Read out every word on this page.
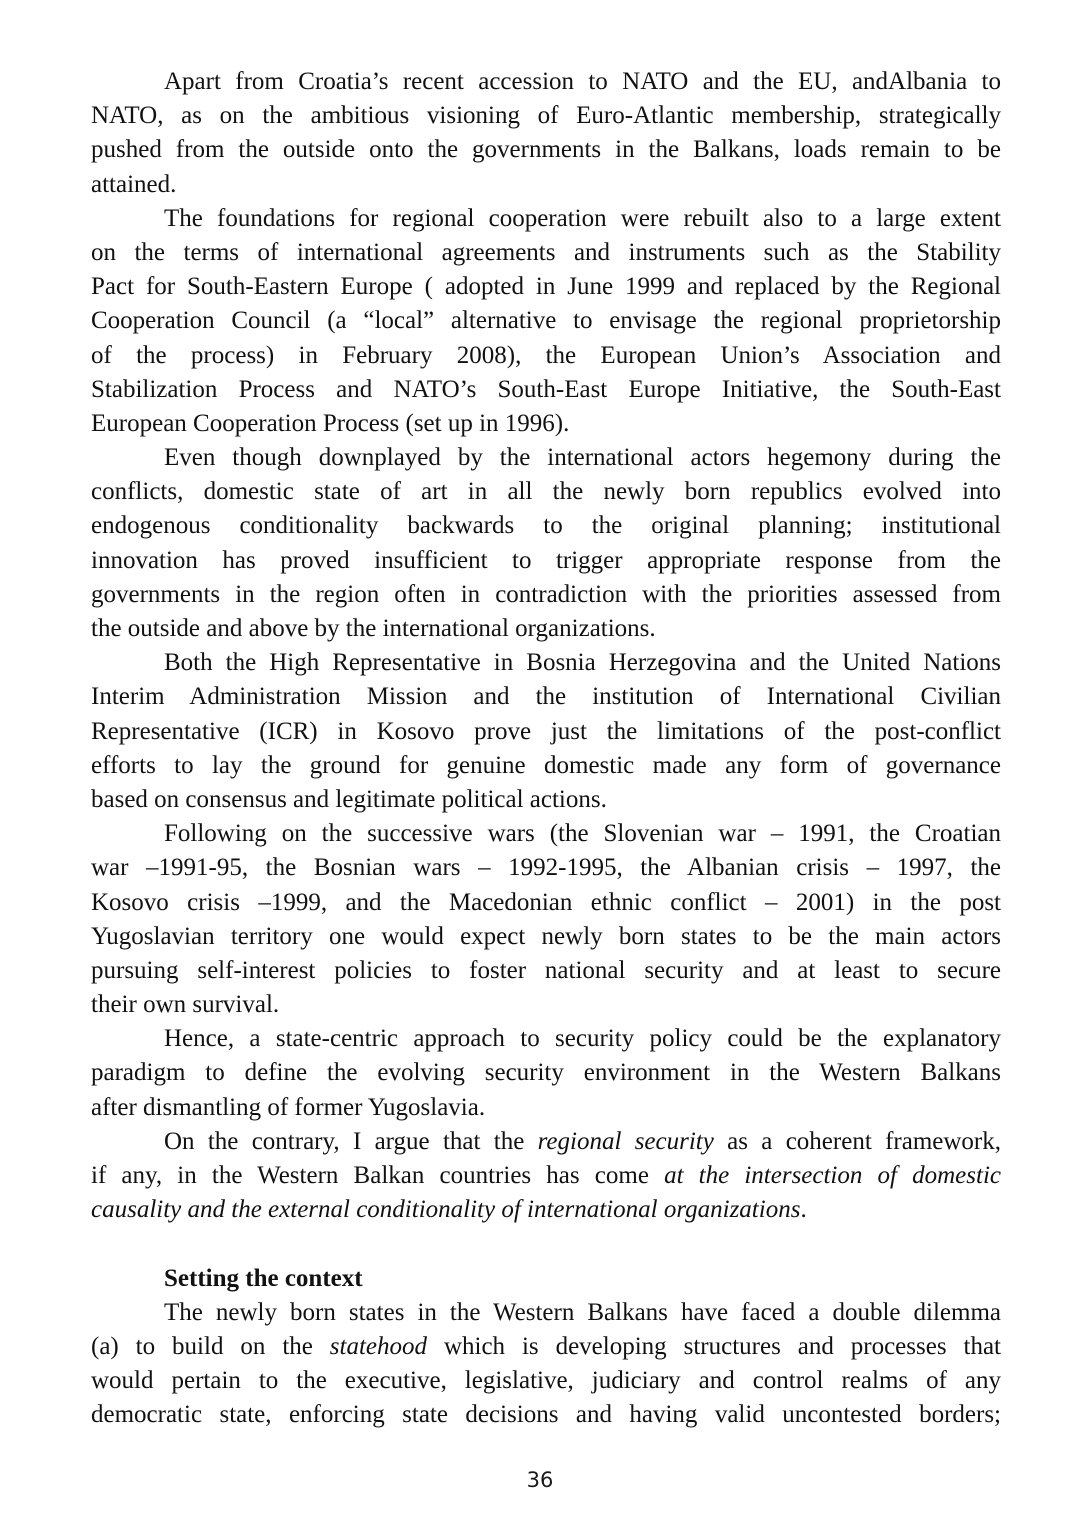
Apart from Croatia’s recent accession to NATO and the EU, andAlbania to
NATO, as on the ambitious visioning of Euro-Atlantic membership, strategically
pushed from the outside onto the governments in the Balkans, loads remain to be
attained.
The foundations for regional cooperation were rebuilt also to a large extent
on the terms of international agreements and instruments such as the Stability
Pact for South-Eastern Europe ( adopted in June 1999 and replaced by the Regional
Cooperation Council (a “local” alternative to envisage the regional proprietorship
of the process) in February 2008), the European Union’s Association and
Stabilization Process and NATO’s South-East Europe Initiative, the South-East
European Cooperation Process (set up in 1996).
Even though downplayed by the international actors hegemony during the
conflicts, domestic state of art in all the newly born republics evolved into
endogenous conditionality backwards to the original planning; institutional
innovation has proved insufficient to trigger appropriate response from the
governments in the region often in contradiction with the priorities assessed from
the outside and above by the international organizations.
Both the High Representative in Bosnia Herzegovina and the United Nations
Interim Administration Mission and the institution of International Civilian
Representative (ICR) in Kosovo prove just the limitations of the post-conflict
efforts to lay the ground for genuine domestic made any form of governance
based on consensus and legitimate political actions.
Following on the successive wars (the Slovenian war – 1991, the Croatian
war –1991-95, the Bosnian wars – 1992-1995, the Albanian crisis – 1997, the
Kosovo crisis –1999, and the Macedonian ethnic conflict – 2001) in the post
Yugoslavian territory one would expect newly born states to be the main actors
pursuing self-interest policies to foster national security and at least to secure
their own survival.
Hence, a state-centric approach to security policy could be the explanatory
paradigm to define the evolving security environment in the Western Balkans
after dismantling of former Yugoslavia.
On the contrary, I argue that the regional security as a coherent framework,
if any, in the Western Balkan countries has come at the intersection of domestic
causality and the external conditionality of international organizations.
Setting the context
The newly born states in the Western Balkans have faced a double dilemma
(a) to build on the statehood which is developing structures and processes that
would pertain to the executive, legislative, judiciary and control realms of any
democratic state, enforcing state decisions and having valid uncontested borders;
36
